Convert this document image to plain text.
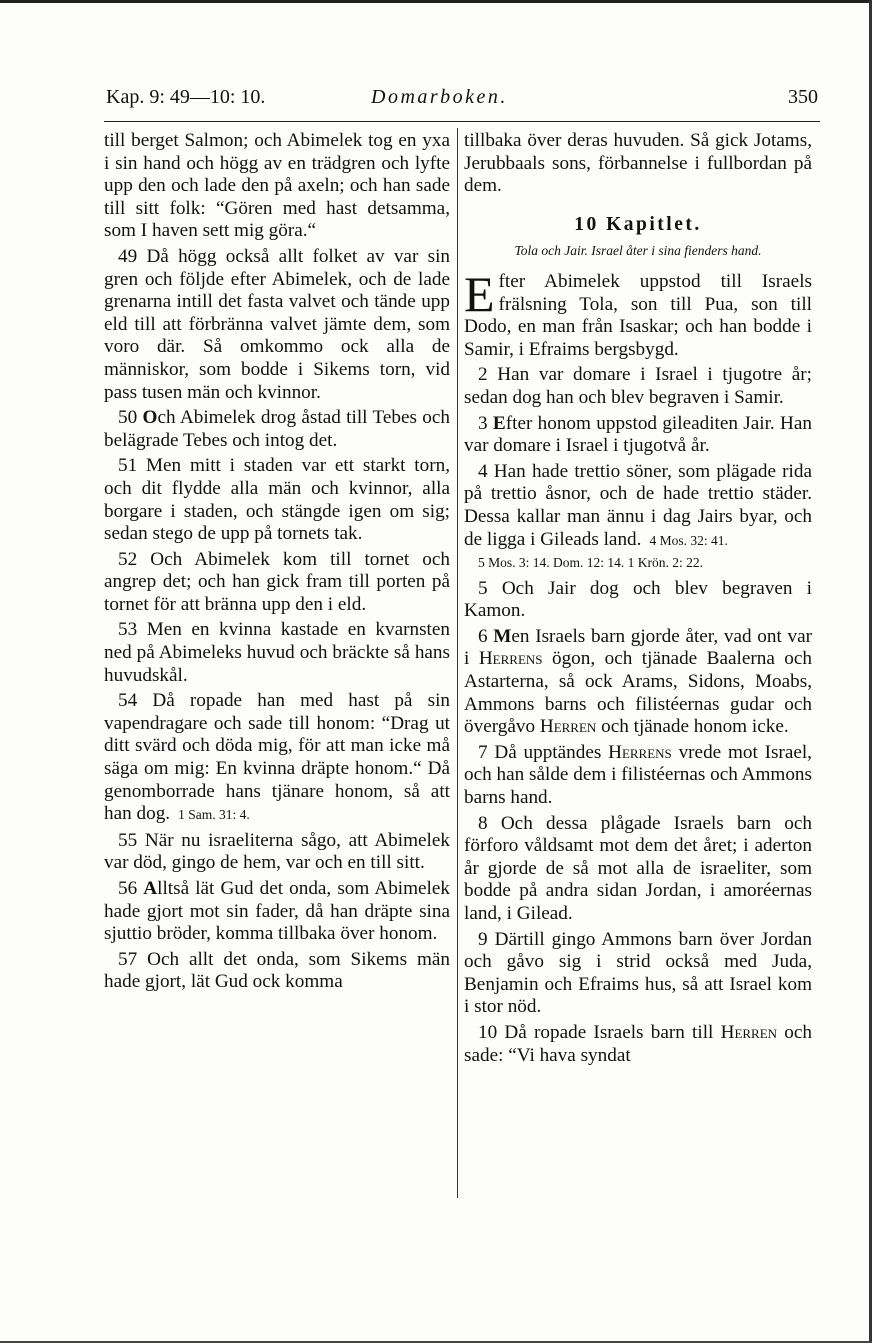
Kap. 9: 49—10: 10.	Domarboken.	350

till berget Salmon; och Abimelek tog en yxa i sin hand och högg av en trädgren och lyfte upp den och lade den på axeln; och han sade till sitt folk: “Gören med hast detsamma, som I haven sett mig göra.“

49 Då högg också allt folket av var sin gren och följde efter Abimelek, och de lade grenarna intill det fasta valvet och tände upp eld till att förbränna valvet jämte dem, som voro där. Så omkommo ock alla de människor, som bodde i Sikems torn, vid pass tusen män och kvinnor.

50 Och Abimelek drog åstad till Tebes och belägrade Tebes och intog det.

51 Men mitt i staden var ett starkt torn, och dit flydde alla män och kvinnor, alla borgare i staden, och stängde igen om sig; sedan stego de upp på tornets tak.

52 Och Abimelek kom till tornet och angrep det; och han gick fram till porten på tornet för att bränna upp den i eld.

53 Men en kvinna kastade en kvarnsten ned på Abimeleks huvud och bräckte så hans huvudskål.

54 Då ropade han med hast på sin vapendragare och sade till honom: “Drag ut ditt svärd och döda mig, för att man icke må säga om mig: En kvinna dräpte honom.“ Då genomborrade hans tjänare honom, så att han dog. 1 Sam. 31: 4.

55 När nu israeliterna sågo, att Abimelek var död, gingo de hem, var och en till sitt.

56 Alltså lät Gud det onda, som Abimelek hade gjort mot sin fader, då han dräpte sina sjuttio bröder, komma tillbaka över honom.

57 Och allt det onda, som Sikems män hade gjort, lät Gud ock komma

tillbaka över deras huvuden. Så gick Jotams, Jerubbaals sons, förbannelse i fullbordan på dem.

10 Kapitlet.
Tola och Jair. Israel åter i sina fienders hand.

Efter Abimelek uppstod till Israels frälsning Tola, son till Pua, son till Dodo, en man från Isaskar; och han bodde i Samir, i Efraims bergsbygd.

2 Han var domare i Israel i tjugotre år; sedan dog han och blev begraven i Samir.

3 Efter honom uppstod gileaditen Jair. Han var domare i Israel i tjugotvå år.

4 Han hade trettio söner, som plägade rida på trettio åsnor, och de hade trettio städer. Dessa kallar man ännu i dag Jairs byar, och de ligga i Gileads land. 4 Mos. 32: 41.
5 Mos. 3: 14. Dom. 12: 14. 1 Krön. 2: 22.

5 Och Jair dog och blev begraven i Kamon.

6 Men Israels barn gjorde åter, vad ont var i Herrens ögon, och tjänade Baalerna och Astarterna, så ock Arams, Sidons, Moabs, Ammons barns och filistéernas gudar och övergåvo Herren och tjänade honom icke.

7 Då upptändes Herrens vrede mot Israel, och han sålde dem i filistéernas och Ammons barns hand.

8 Och dessa plågade Israels barn och förforo våldsamt mot dem det året; i aderton år gjorde de så mot alla de israeliter, som bodde på andra sidan Jordan, i amoréernas land, i Gilead.

9 Därtill gingo Ammons barn över Jordan och gåvo sig i strid också med Juda, Benjamin och Efraims hus, så att Israel kom i stor nöd.

10 Då ropade Israels barn till Herren och sade: “Vi hava syndat
